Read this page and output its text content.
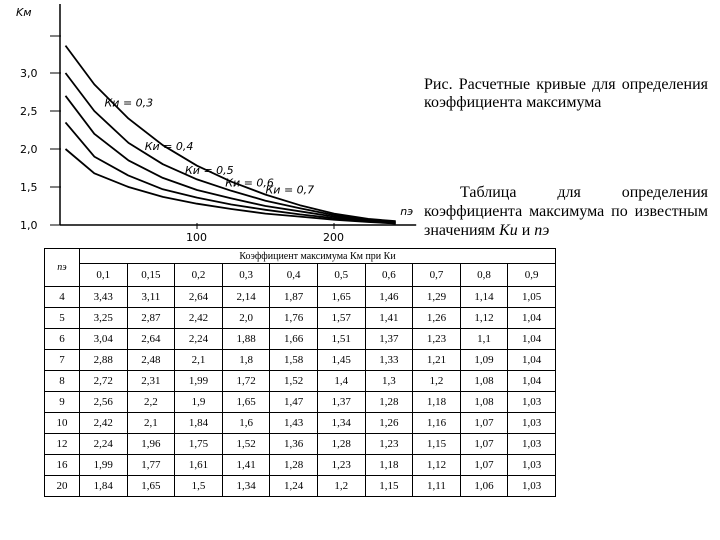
Kм
3,0
2,5
2,0
1,5
1,0
100	200
nэ
Ки = 0,3
Ки = 0,4
Ки = 0,5
Ки = 0,6
Ки = 0,7
Рис. Расчетные кривые для определения коэффициента максимума
Таблица для определения коэффициента максимума по известным значениям Ки и nэ
nэ	Коэффициент максимума Км при Ки									
	0,1	0,15	0,2	0,3	0,4	0,5	0,6	0,7	0,8	0,9
4	3,43	3,11	2,64	2,14	1,87	1,65	1,46	1,29	1,14	1,05
5	3,25	2,87	2,42	2,0	1,76	1,57	1,41	1,26	1,12	1,04
6	3,04	2,64	2,24	1,88	1,66	1,51	1,37	1,23	1,1	1,04
7	2,88	2,48	2,1	1,8	1,58	1,45	1,33	1,21	1,09	1,04
8	2,72	2,31	1,99	1,72	1,52	1,4	1,3	1,2	1,08	1,04
9	2,56	2,2	1,9	1,65	1,47	1,37	1,28	1,18	1,08	1,03
10	2,42	2,1	1,84	1,6	1,43	1,34	1,26	1,16	1,07	1,03
12	2,24	1,96	1,75	1,52	1,36	1,28	1,23	1,15	1,07	1,03
16	1,99	1,77	1,61	1,41	1,28	1,23	1,18	1,12	1,07	1,03
20	1,84	1,65	1,5	1,34	1,24	1,2	1,15	1,11	1,06	1,03
